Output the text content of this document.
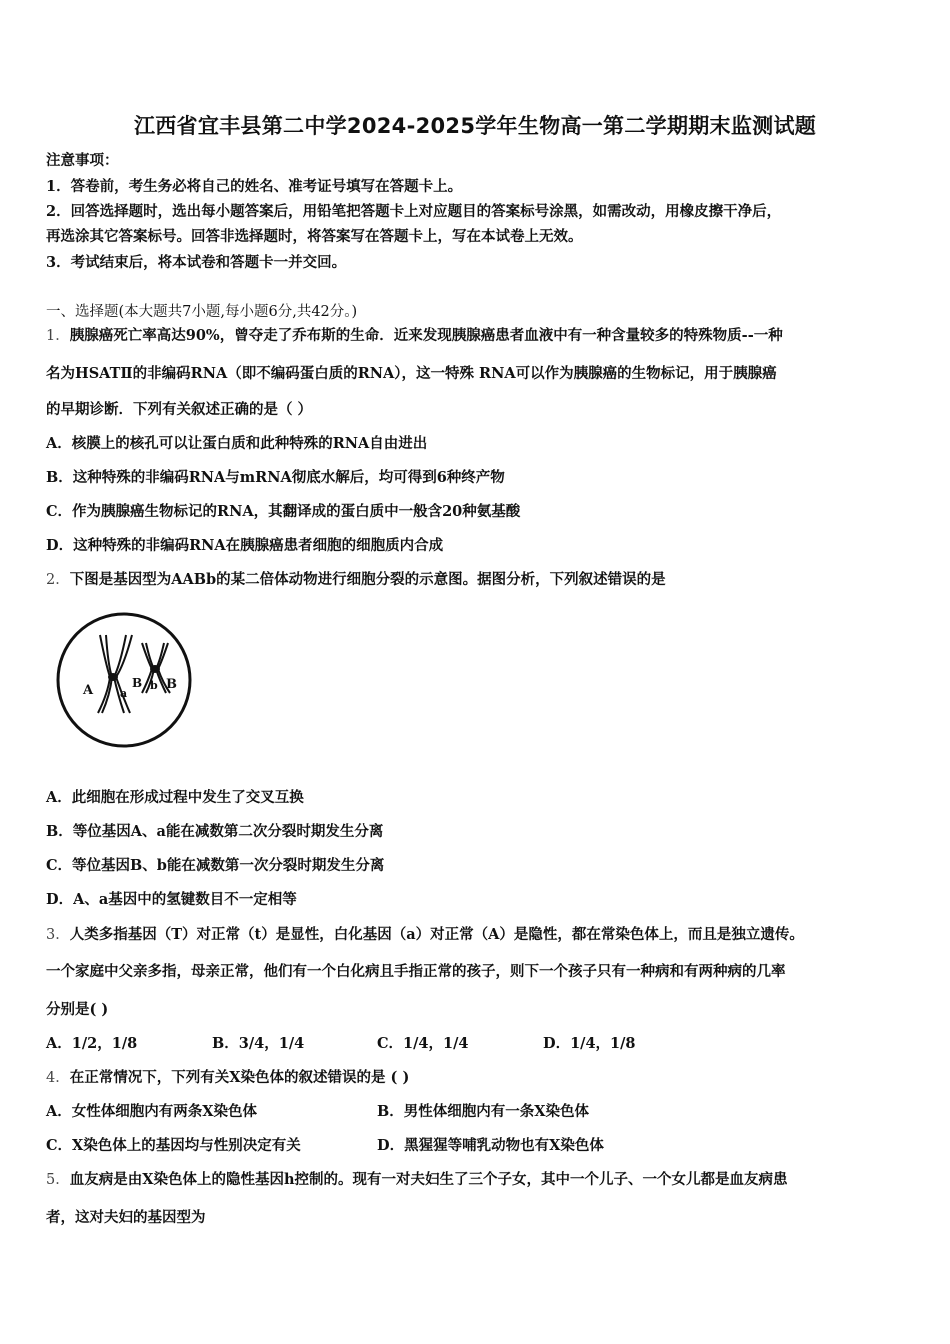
江西省宜丰县第二中学2024-2025学年生物高一第二学期期末监测试题
注意事项：
1．答卷前，考生务必将自己的姓名、准考证号填写在答题卡上。
2．回答选择题时，选出每小题答案后，用铅笔把答题卡上对应题目的答案标号涂黑，如需改动，用橡皮擦干净后，
再选涂其它答案标号。回答非选择题时，将答案写在答题卡上，写在本试卷上无效。
3．考试结束后，将本试卷和答题卡一并交回。
一、选择题(本大题共7小题,每小题6分,共42分。)
1．胰腺癌死亡率高达90%，曾夺走了乔布斯的生命．近来发现胰腺癌患者血液中有一种含量较多的特殊物质--一种
名为HSATⅡ的非编码RNA（即不编码蛋白质的RNA），这一特殊 RNA可以作为胰腺癌的生物标记，用于胰腺癌
的早期诊断．下列有关叙述正确的是（ ）
A．核膜上的核孔可以让蛋白质和此种特殊的RNA自由进出
B．这种特殊的非编码RNA与mRNA彻底水解后，均可得到6种终产物
C．作为胰腺癌生物标记的RNA，其翻译成的蛋白质中一般含20种氨基酸
D．这种特殊的非编码RNA在胰腺癌患者细胞的细胞质内合成
2．下图是基因型为AABb的某二倍体动物进行细胞分裂的示意图。据图分析，下列叙述错误的是
A a
B b B
A．此细胞在形成过程中发生了交叉互换
B．等位基因A、a能在减数第二次分裂时期发生分离
C．等位基因B、b能在减数第一次分裂时期发生分离
D．A、a基因中的氢键数目不一定相等
3．人类多指基因（T）对正常（t）是显性，白化基因（a）对正常（A）是隐性，都在常染色体上，而且是独立遗传。
一个家庭中父亲多指，母亲正常，他们有一个白化病且手指正常的孩子，则下一个孩子只有一种病和有两种病的几率
分别是( )
A．1/2，1/8	B．3/4，1/4	C．1/4，1/4	D．1/4，1/8
4．在正常情况下，下列有关X染色体的叙述错误的是 ( )
A．女性体细胞内有两条X染色体	B．男性体细胞内有一条X染色体
C．X染色体上的基因均与性别决定有关	D．黑猩猩等哺乳动物也有X染色体
5．血友病是由X染色体上的隐性基因h控制的。现有一对夫妇生了三个子女，其中一个儿子、一个女儿都是血友病患
者，这对夫妇的基因型为
